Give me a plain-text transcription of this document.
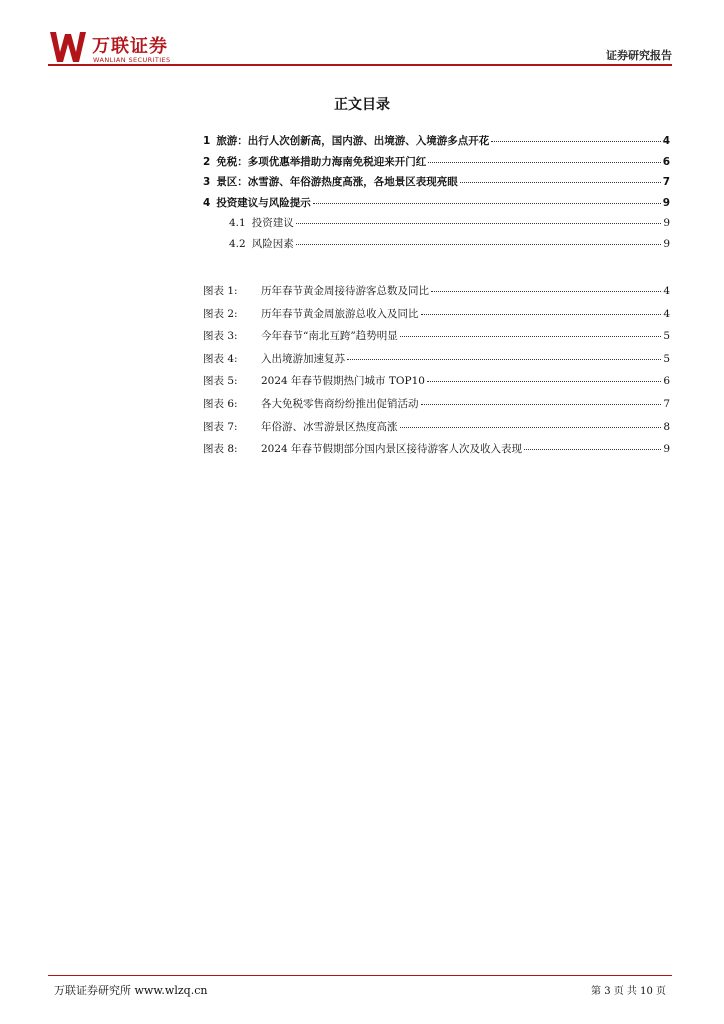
万联证券
WANLIAN SECURITIES	证券研究报告
正文目录
1 旅游：出行人次创新高，国内游、出境游、入境游多点开花	4
2 免税：多项优惠举措助力海南免税迎来开门红	6
3 景区：冰雪游、年俗游热度高涨，各地景区表现亮眼	7
4 投资建议与风险提示	9
4.1 投资建议	9
4.2 风险因素	9
图表 1:	历年春节黄金周接待游客总数及同比	4
图表 2:	历年春节黄金周旅游总收入及同比	4
图表 3:	今年春节“南北互跨”趋势明显	5
图表 4:	入出境游加速复苏	5
图表 5:	2024 年春节假期热门城市 TOP10	6
图表 6:	各大免税零售商纷纷推出促销活动	7
图表 7:	年俗游、冰雪游景区热度高涨	8
图表 8:	2024 年春节假期部分国内景区接待游客人次及收入表现	9
万联证券研究所 www.wlzq.cn	第 3 页 共 10 页
